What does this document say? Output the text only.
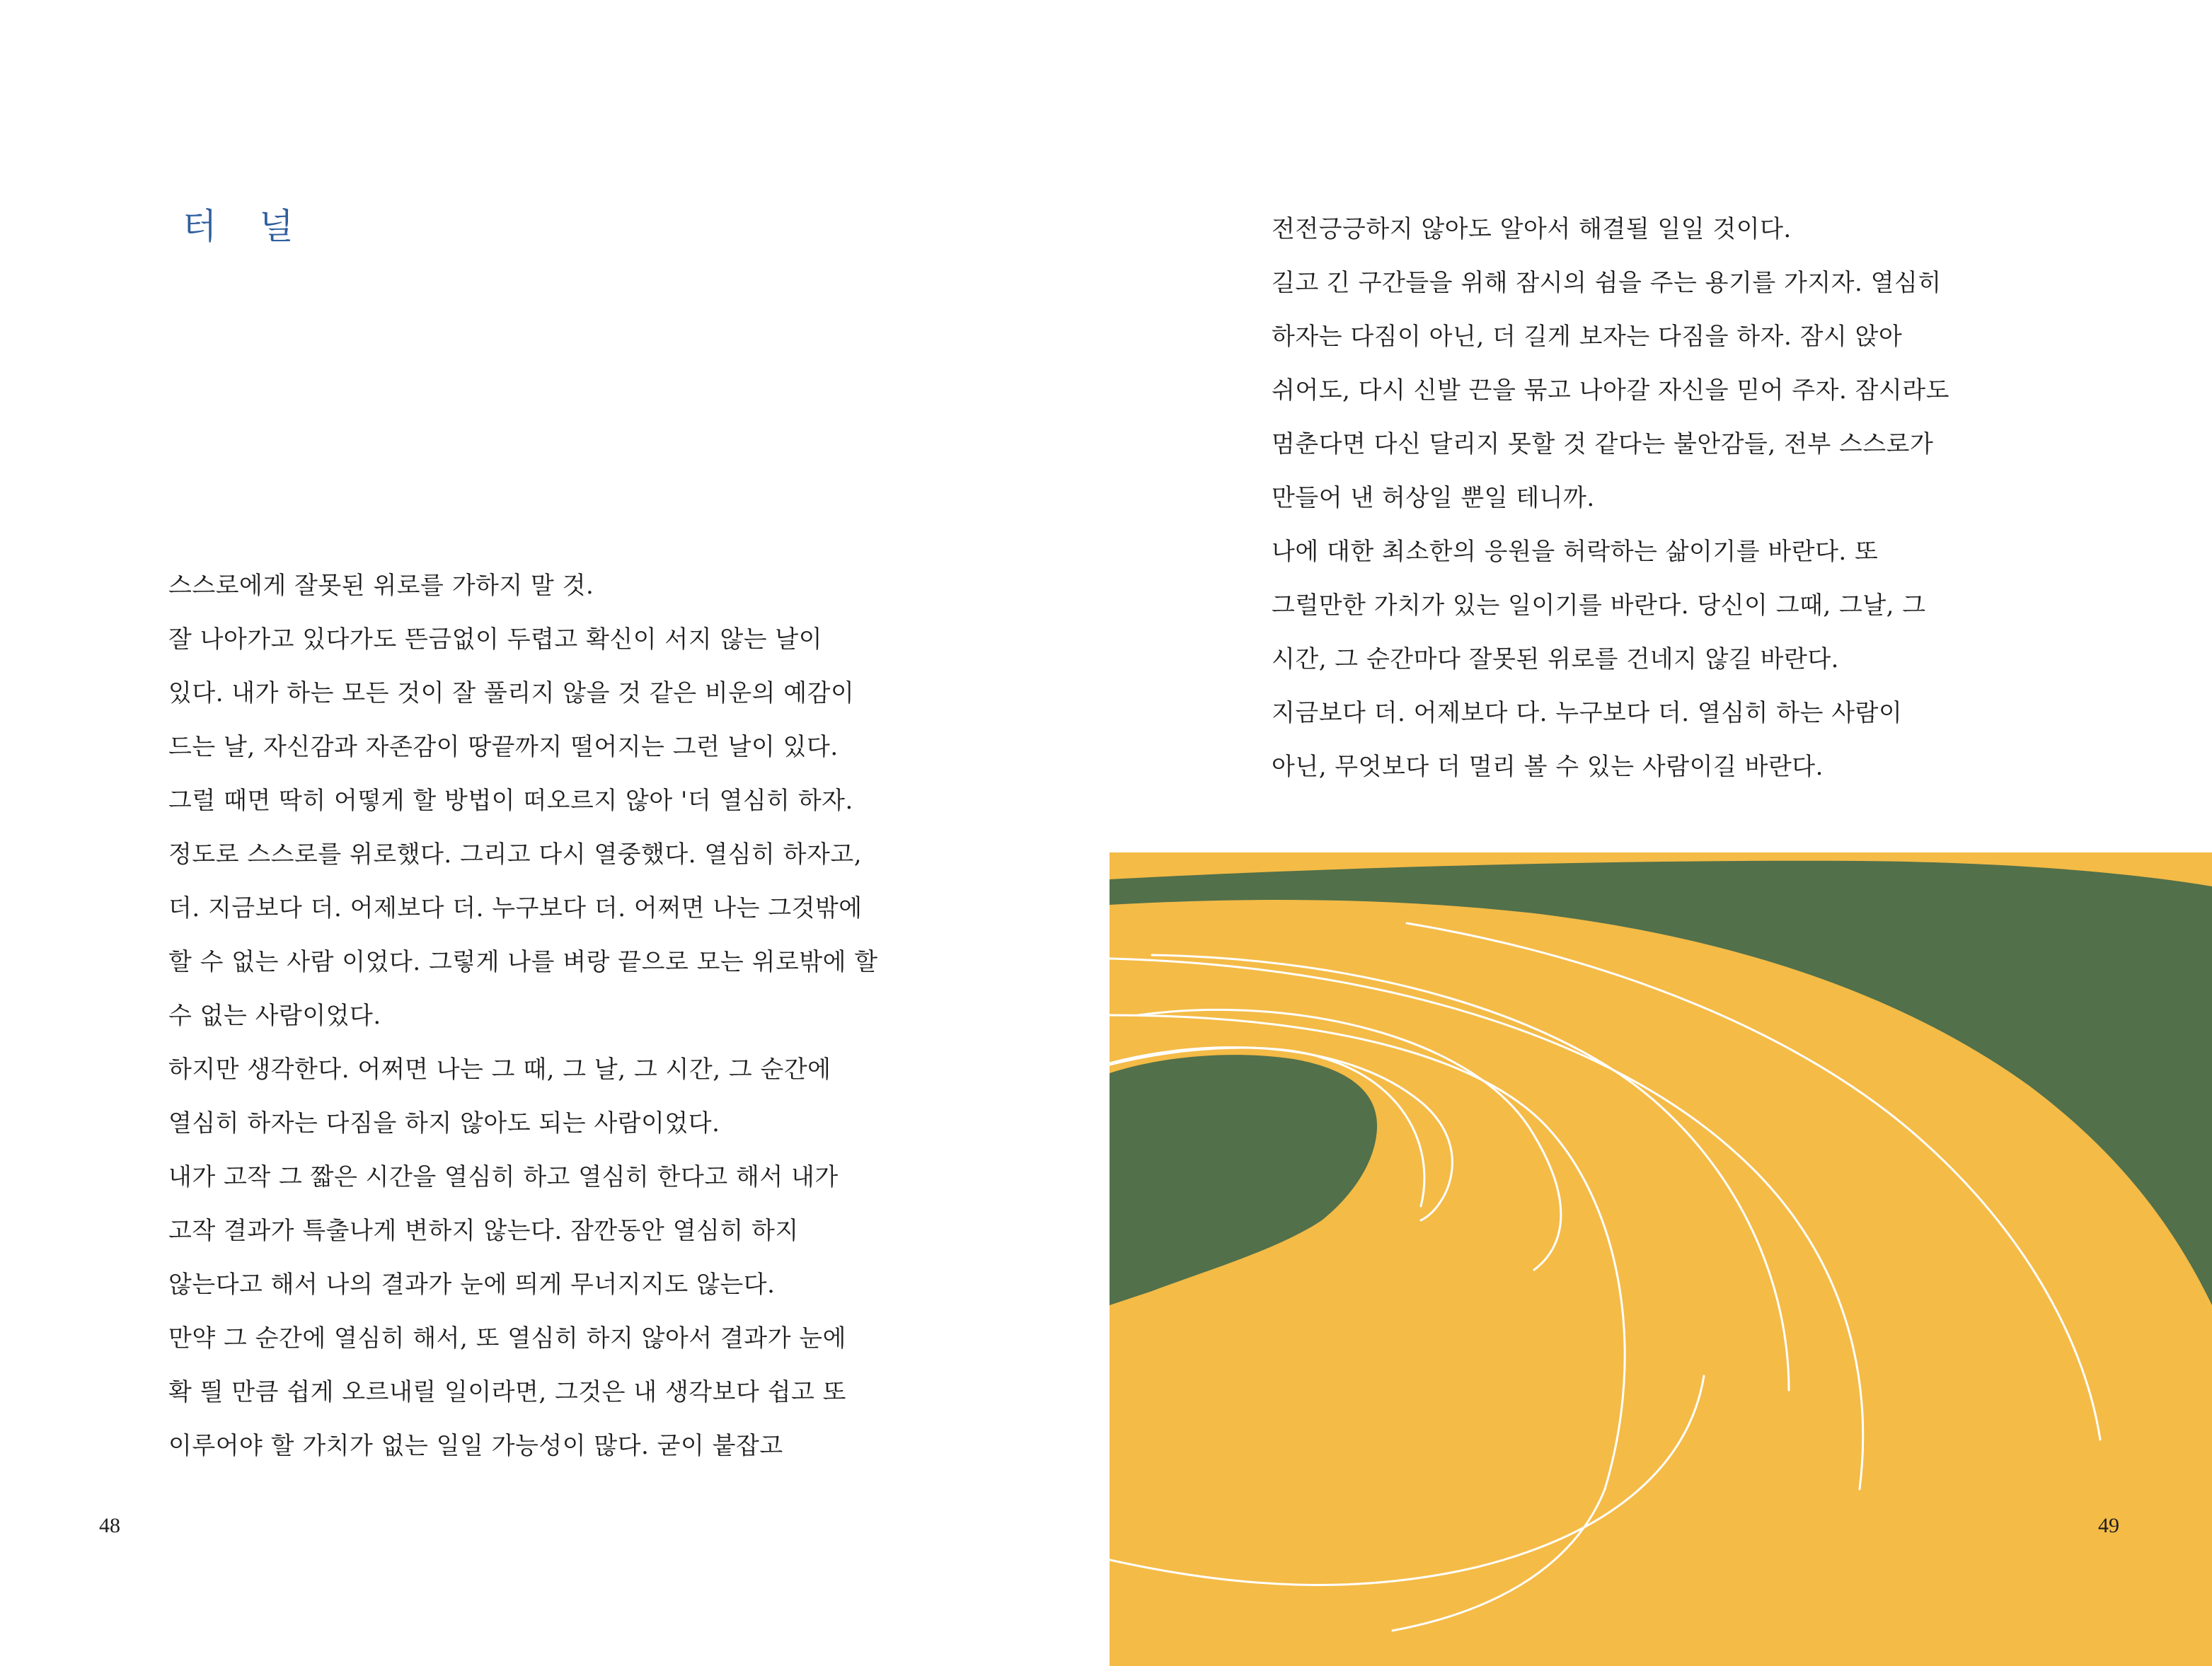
터 널
스스로에게 잘못된 위로를 가하지 말 것.
잘 나아가고 있다가도 뜬금없이 두렵고 확신이 서지 않는 날이
있다. 내가 하는 모든 것이 잘 풀리지 않을 것 같은 비운의 예감이
드는 날, 자신감과 자존감이 땅끝까지 떨어지는 그런 날이 있다.
그럴 때면 딱히 어떻게 할 방법이 떠오르지 않아 '더 열심히 하자.
정도로 스스로를 위로했다. 그리고 다시 열중했다. 열심히 하자고,
더. 지금보다 더. 어제보다 더. 누구보다 더. 어쩌면 나는 그것밖에
할 수 없는 사람 이었다. 그렇게 나를 벼랑 끝으로 모는 위로밖에 할
수 없는 사람이었다.
하지만 생각한다. 어쩌면 나는 그 때, 그 날, 그 시간, 그 순간에
열심히 하자는 다짐을 하지 않아도 되는 사람이었다.
내가 고작 그 짧은 시간을 열심히 하고 열심히 한다고 해서 내가
고작 결과가 특출나게 변하지 않는다. 잠깐동안 열심히 하지
않는다고 해서 나의 결과가 눈에 띄게 무너지지도 않는다.
만약 그 순간에 열심히 해서, 또 열심히 하지 않아서 결과가 눈에
확 띌 만큼 쉽게 오르내릴 일이라면, 그것은 내 생각보다 쉽고 또
이루어야 할 가치가 없는 일일 가능성이 많다. 굳이 붙잡고
48
전전긍긍하지 않아도 알아서 해결될 일일 것이다.
길고 긴 구간들을 위해 잠시의 쉼을 주는 용기를 가지자. 열심히
하자는 다짐이 아닌, 더 길게 보자는 다짐을 하자. 잠시 앉아
쉬어도, 다시 신발 끈을 묶고 나아갈 자신을 믿어 주자. 잠시라도
멈춘다면 다신 달리지 못할 것 같다는 불안감들, 전부 스스로가
만들어 낸 허상일 뿐일 테니까.
나에 대한 최소한의 응원을 허락하는 삶이기를 바란다. 또
그럴만한 가치가 있는 일이기를 바란다. 당신이 그때, 그날, 그
시간, 그 순간마다 잘못된 위로를 건네지 않길 바란다.
지금보다 더. 어제보다 다. 누구보다 더. 열심히 하는 사람이
아닌, 무엇보다 더 멀리 볼 수 있는 사람이길 바란다.
49
